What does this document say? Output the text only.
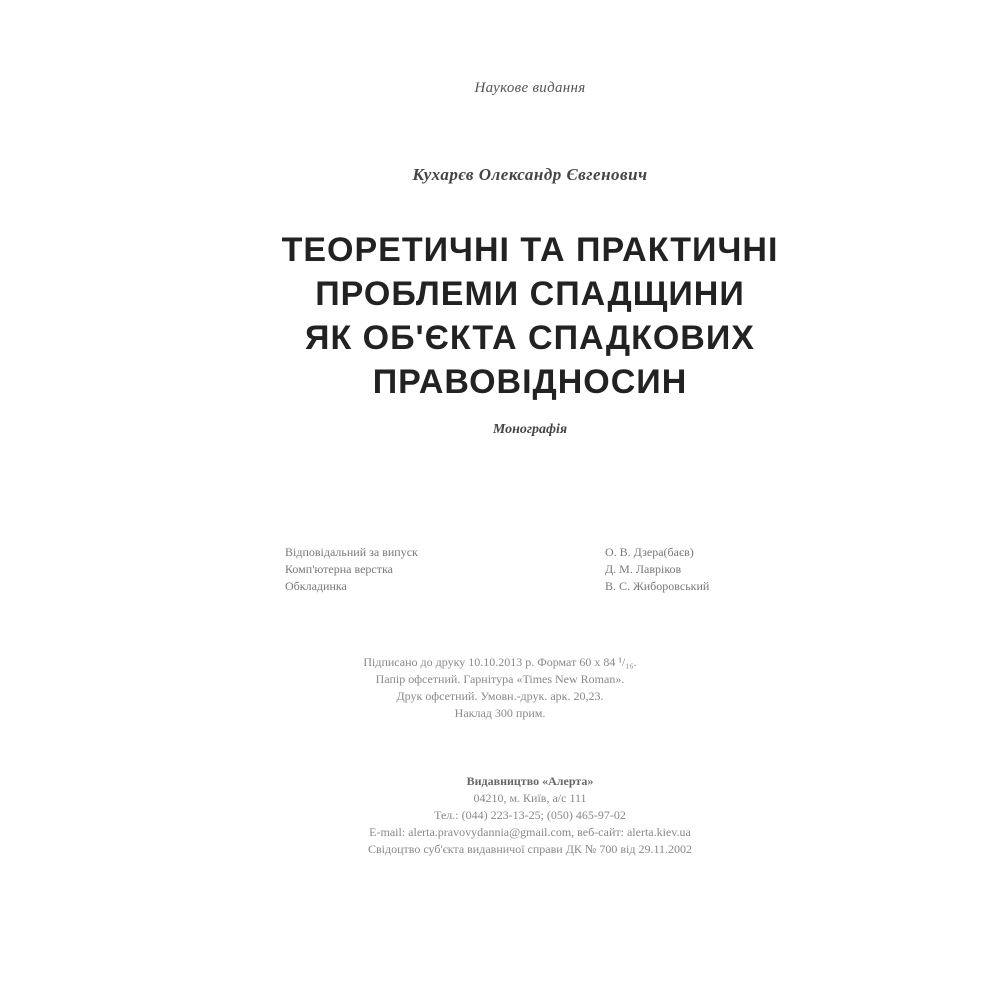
Наукове видання
Кухарєв Олександр Євгенович
ТЕОРЕТИЧНІ ТА ПРАКТИЧНІ
ПРОБЛЕМИ СПАДЩИНИ
ЯК ОБ'ЄКТА СПАДКОВИХ
ПРАВОВІДНОСИН
Монографія
Відповідальний за випуск	О. В. Дзера(баєв)
Комп'ютерна верстка	Д. М. Лавріков
Обкладинка	В. С. Жиборовський
Підписано до друку 10.10.2013 р. Формат 60 х 84 ¹/₁₆.
Папір офсетний. Гарнітура «Times New Roman».
Друк офсетний. Умовн.-друк. арк. 20,23.
Наклад 300 прим.
Видавництво «Алерта»
04210, м. Київ, а/с 111
Тел.: (044) 223-13-25; (050) 465-97-02
E-mail: alerta.pravovydannia@gmail.com, веб-сайт: alerta.kiev.ua
Свідоцтво суб'єкта видавничої справи ДК № 700 від 29.11.2002
